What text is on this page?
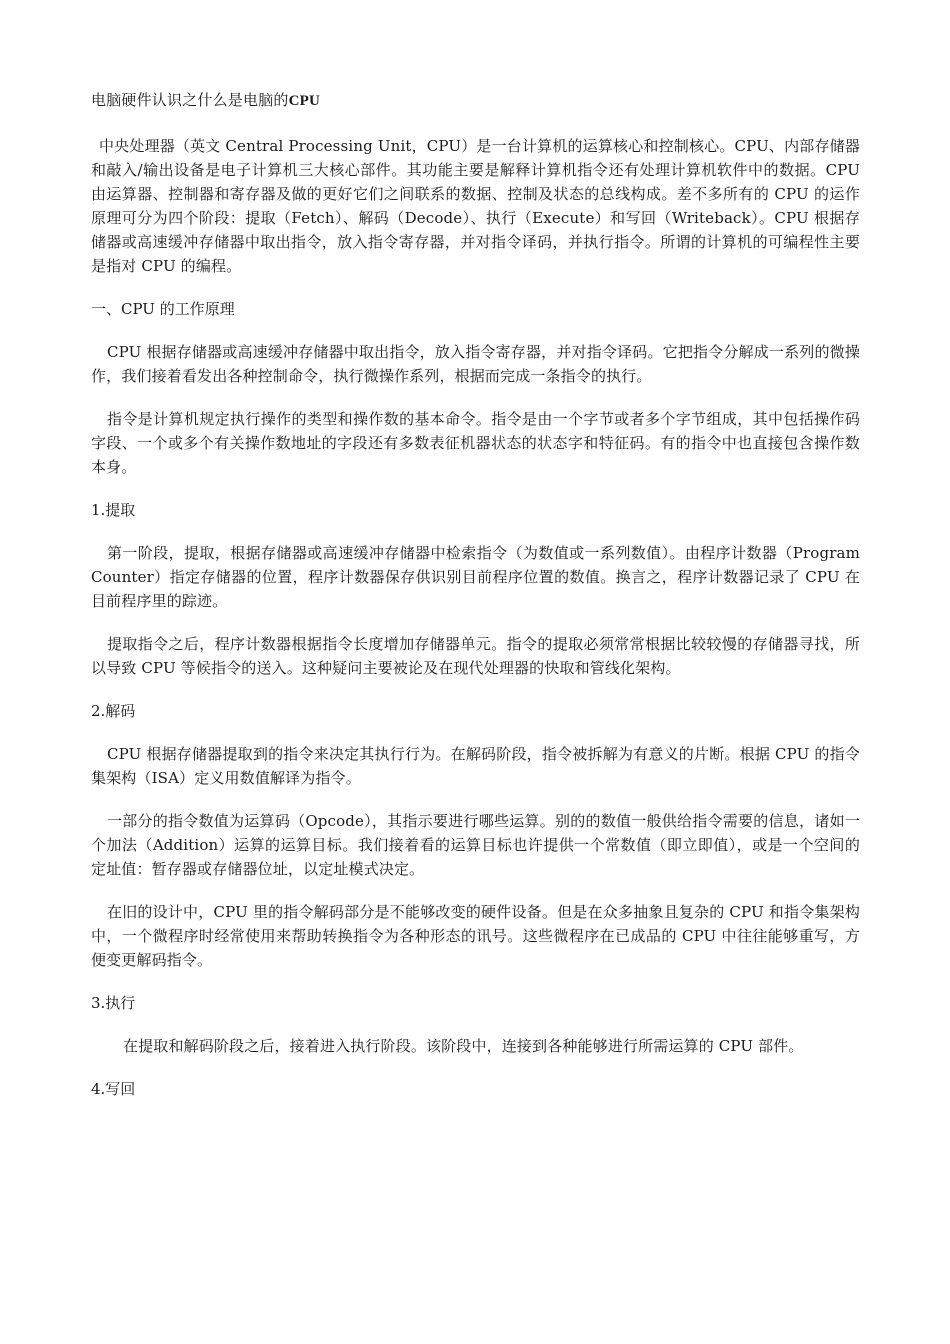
电脑硬件认识之什么是电脑的CPU

中央处理器（英文 Central Processing Unit，CPU）是一台计算机的运算核心和控制核心。CPU、内部存储器和敲入/输出设备是电子计算机三大核心部件。其功能主要是解释计算机指令还有处理计算机软件中的数据。CPU 由运算器、控制器和寄存器及做的更好它们之间联系的数据、控制及状态的总线构成。差不多所有的 CPU 的运作原理可分为四个阶段：提取（Fetch）、解码（Decode）、执行（Execute）和写回（Writeback）。CPU 根据存储器或高速缓冲存储器中取出指令，放入指令寄存器，并对指令译码，并执行指令。所谓的计算机的可编程性主要是指对 CPU 的编程。

一、CPU 的工作原理

CPU 根据存储器或高速缓冲存储器中取出指令，放入指令寄存器，并对指令译码。它把指令分解成一系列的微操作，我们接着看发出各种控制命令，执行微操作系列，根据而完成一条指令的执行。

指令是计算机规定执行操作的类型和操作数的基本命令。指令是由一个字节或者多个字节组成，其中包括操作码字段、一个或多个有关操作数地址的字段还有多数表征机器状态的状态字和特征码。有的指令中也直接包含操作数本身。

1.提取

第一阶段，提取，根据存储器或高速缓冲存储器中检索指令（为数值或一系列数值）。由程序计数器（Program Counter）指定存储器的位置，程序计数器保存供识别目前程序位置的数值。换言之，程序计数器记录了 CPU 在目前程序里的踪迹。

提取指令之后，程序计数器根据指令长度增加存储器单元。指令的提取必须常常根据比较较慢的存储器寻找，所以导致 CPU 等候指令的送入。这种疑问主要被论及在现代处理器的快取和管线化架构。

2.解码

CPU 根据存储器提取到的指令来决定其执行行为。在解码阶段，指令被拆解为有意义的片断。根据 CPU 的指令集架构（ISA）定义用数值解译为指令。

一部分的指令数值为运算码（Opcode），其指示要进行哪些运算。别的的数值一般供给指令需要的信息，诸如一个加法（Addition）运算的运算目标。我们接着看的运算目标也许提供一个常数值（即立即值），或是一个空间的定址值：暂存器或存储器位址，以定址模式决定。

在旧的设计中，CPU 里的指令解码部分是不能够改变的硬件设备。但是在众多抽象且复杂的 CPU 和指令集架构中，一个微程序时经常使用来帮助转换指令为各种形态的讯号。这些微程序在已成品的 CPU 中往往能够重写，方便变更解码指令。

3.执行

在提取和解码阶段之后，接着进入执行阶段。该阶段中，连接到各种能够进行所需运算的 CPU 部件。

4.写回
